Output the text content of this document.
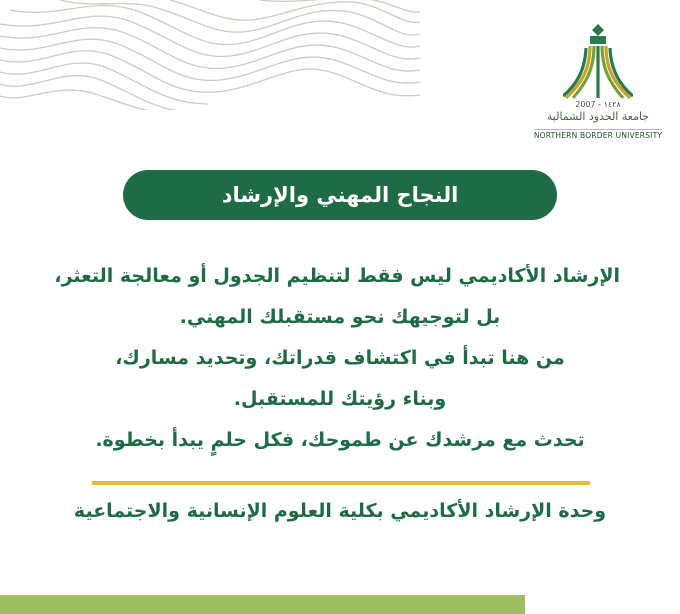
2007 - ١٤٢٨
جامعة الحدود الشمالية
NORTHERN BORDER UNIVERSITY
النجاح المهني والإرشاد
الإرشاد الأكاديمي ليس فقط لتنظيم الجدول أو معالجة التعثر،
بل لتوجيهك نحو مستقبلك المهني.
من هنا تبدأ في اكتشاف قدراتك، وتحديد مسارك،
وبناء رؤيتك للمستقبل.
تحدث مع مرشدك عن طموحك، فكل حلمٍ يبدأ بخطوة.
وحدة الإرشاد الأكاديمي بكلية العلوم الإنسانية والاجتماعية
